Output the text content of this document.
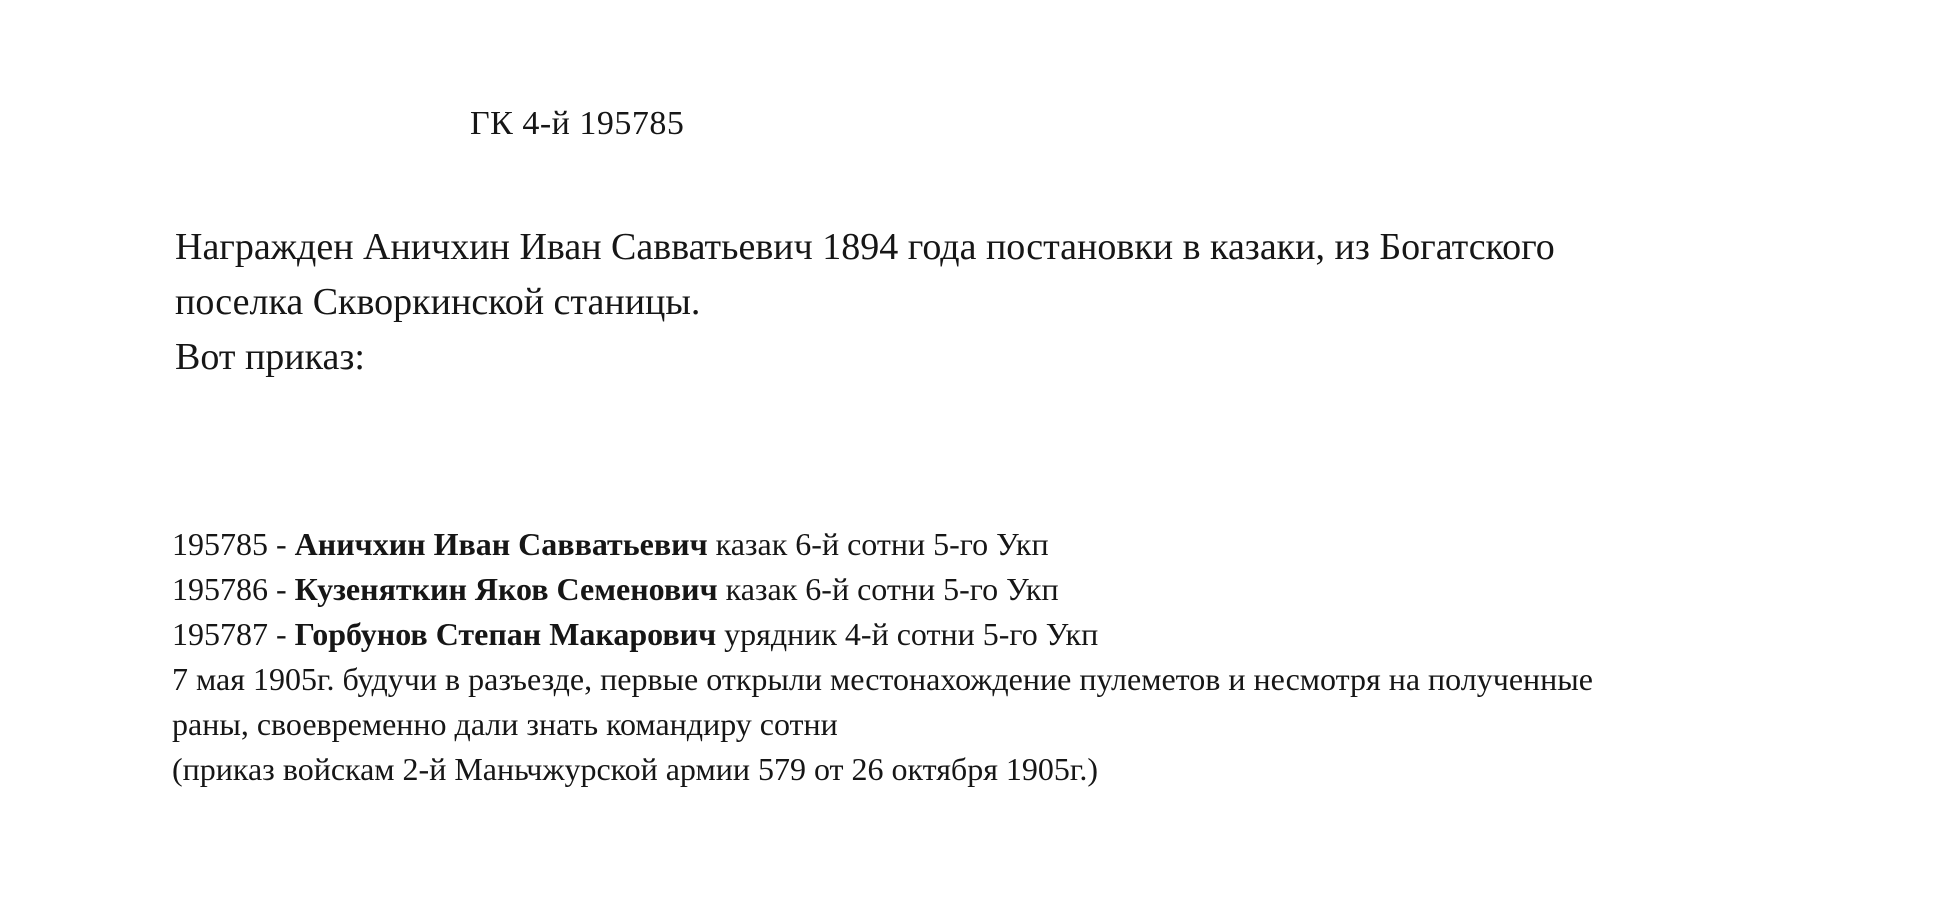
ГК 4-й 195785
Награжден Аничхин Иван Савватьевич 1894 года постановки в казаки, из Богатского
поселка Скворкинской станицы.
Вот приказ:
195785 - Аничхин Иван Савватьевич казак 6-й сотни 5-го Укп
195786 - Кузеняткин Яков Семенович казак 6-й сотни 5-го Укп
195787 - Горбунов Степан Макарович урядник 4-й сотни 5-го Укп
7 мая 1905г. будучи в разъезде, первые открыли местонахождение пулеметов и несмотря на полученные
раны, своевременно дали знать командиру сотни
(приказ войскам 2-й Маньчжурской армии 579 от 26 октября 1905г.)
